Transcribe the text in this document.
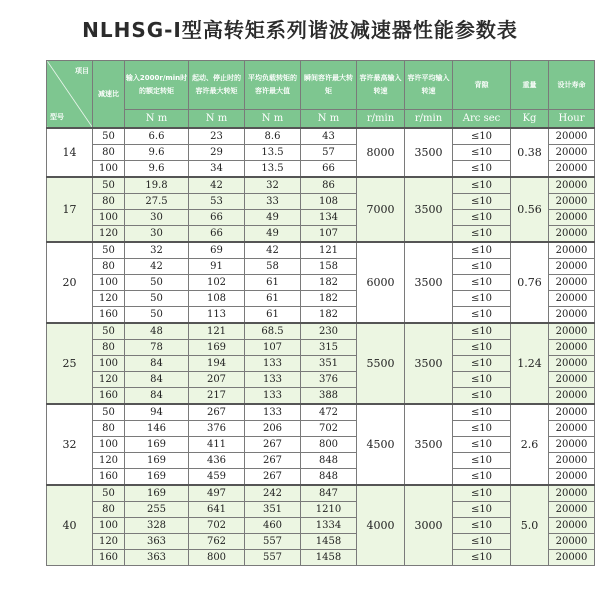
NLHSG-I型高转矩系列谐波减速器性能参数表
项目
型号	减速比	输入2000r/min时的额定转矩	起动、停止时的容许最大转矩	平均负载转矩的容许最大值	瞬间容许最大转矩	容许最高输入转速	容许平均输入转速	背隙	重量	设计寿命
		N m	N m	N m	N m	r/min	r/min	Arc sec	Kg	Hour
14	50	6.6	23	8.6	43	8000	3500	≤10	0.38	20000
	80	9.6	29	13.5	57			≤10		20000
	100	9.6	34	13.5	66			≤10		20000
17	50	19.8	42	32	86	7000	3500	≤10	0.56	20000
	80	27.5	53	33	108			≤10		20000
	100	30	66	49	134			≤10		20000
	120	30	66	49	107			≤10		20000
20	50	32	69	42	121	6000	3500	≤10	0.76	20000
	80	42	91	58	158			≤10		20000
	100	50	102	61	182			≤10		20000
	120	50	108	61	182			≤10		20000
	160	50	113	61	182			≤10		20000
25	50	48	121	68.5	230	5500	3500	≤10	1.24	20000
	80	78	169	107	315			≤10		20000
	100	84	194	133	351			≤10		20000
	120	84	207	133	376			≤10		20000
	160	84	217	133	388			≤10		20000
32	50	94	267	133	472	4500	3500	≤10	2.6	20000
	80	146	376	206	702			≤10		20000
	100	169	411	267	800			≤10		20000
	120	169	436	267	848			≤10		20000
	160	169	459	267	848			≤10		20000
40	50	169	497	242	847	4000	3000	≤10	5.0	20000
	80	255	641	351	1210			≤10		20000
	100	328	702	460	1334			≤10		20000
	120	363	762	557	1458			≤10		20000
	160	363	800	557	1458			≤10		20000
